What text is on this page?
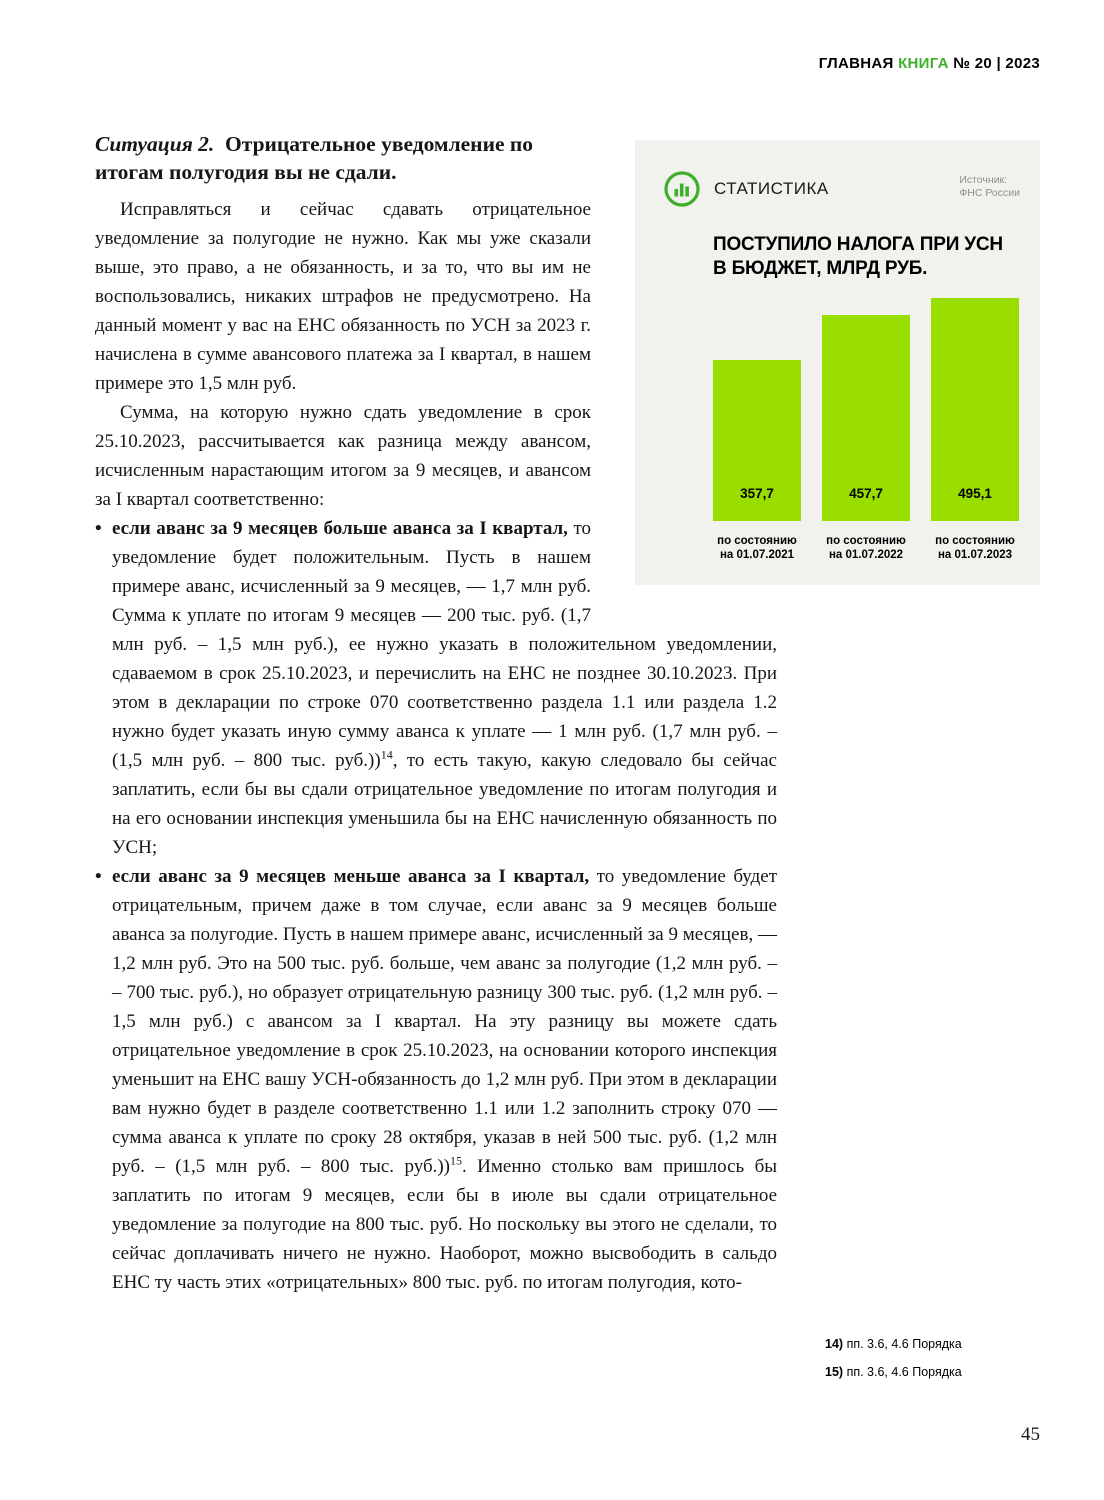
ГЛАВНАЯ КНИГА № 20 | 2023
Ситуация 2. Отрицательное уведомление по итогам полугодия вы не сдали.

Исправляться и сейчас сдавать отрицательное уведомление за полугодие не нужно. Как мы уже сказали выше, это право, а не обязанность, и за то, что вы им не воспользовались, никаких штрафов не предусмотрено. На данный момент у вас на ЕНС обязанность по УСН за 2023 г. начислена в сумме авансового платежа за I квартал, в нашем примере это 1,5 млн руб.

Сумма, на которую нужно сдать уведомление в срок 25.10.2023, рассчитывается как разница между авансом, исчисленным нарастающим итогом за 9 месяцев, и авансом за I квартал соответственно:

• если аванс за 9 месяцев больше аванса за I квартал, то уведомление будет положительным. Пусть в нашем примере аванс, исчисленный за 9 месяцев, — 1,7 млн руб. Сумма к уплате по итогам 9 месяцев — 200 тыс. руб. (1,7 млн руб. – 1,5 млн руб.), ее нужно указать в положительном уведомлении, сдаваемом в срок 25.10.2023, и перечислить на ЕНС не позднее 30.10.2023. При этом в декларации по строке 070 соответственно раздела 1.1 или раздела 1.2 нужно будет указать иную сумму аванса к уплате — 1 млн руб. (1,7 млн руб. – (1,5 млн руб. – 800 тыс. руб.))$^{14}$, то есть такую, какую следовало бы сейчас заплатить, если бы вы сдали отрицательное уведомление по итогам полугодия и на его основании инспекция уменьшила бы на ЕНС начисленную обязанность по УСН;
• если аванс за 9 месяцев меньше аванса за I квартал, то уведомление будет отрицательным, причем даже в том случае, если аванс за 9 месяцев больше аванса за полугодие. Пусть в нашем примере аванс, исчисленный за 9 месяцев, — 1,2 млн руб. Это на 500 тыс. руб. больше, чем аванс за полугодие (1,2 млн руб. – – 700 тыс. руб.), но образует отрицательную разницу 300 тыс. руб. (1,2 млн руб. – 1,5 млн руб.) с авансом за I квартал. На эту разницу вы можете сдать отрицательное уведомление в срок 25.10.2023, на основании которого инспекция уменьшит на ЕНС вашу УСН-обязанность до 1,2 млн руб. При этом в декларации вам нужно будет в разделе соответственно 1.1 или 1.2 заполнить строку 070 — сумма аванса к уплате по сроку 28 октября, указав в ней 500 тыс. руб. (1,2 млн руб. – (1,5 млн руб. – 800 тыс. руб.))$^{15}$. Именно столько вам пришлось бы заплатить по итогам 9 месяцев, если бы в июле вы сдали отрицательное уведомление за полугодие на 800 тыс. руб. Но поскольку вы этого не сделали, то сейчас доплачивать ничего не нужно. Наоборот, можно высвободить в сальдо ЕНС ту часть этих «отрицательных» 800 тыс. руб. по итогам полугодия, кото-
СТАТИСТИКА	Источник:
ФНС России
ПОСТУПИЛО НАЛОГА ПРИ УСН
В БЮДЖЕТ, МЛРД РУБ.
357,7
по состоянию
на 01.07.2021
457,7
по состоянию
на 01.07.2022
495,1
по состоянию
на 01.07.2023
14) пп. 3.6, 4.6 Порядка
15) пп. 3.6, 4.6 Порядка
45
